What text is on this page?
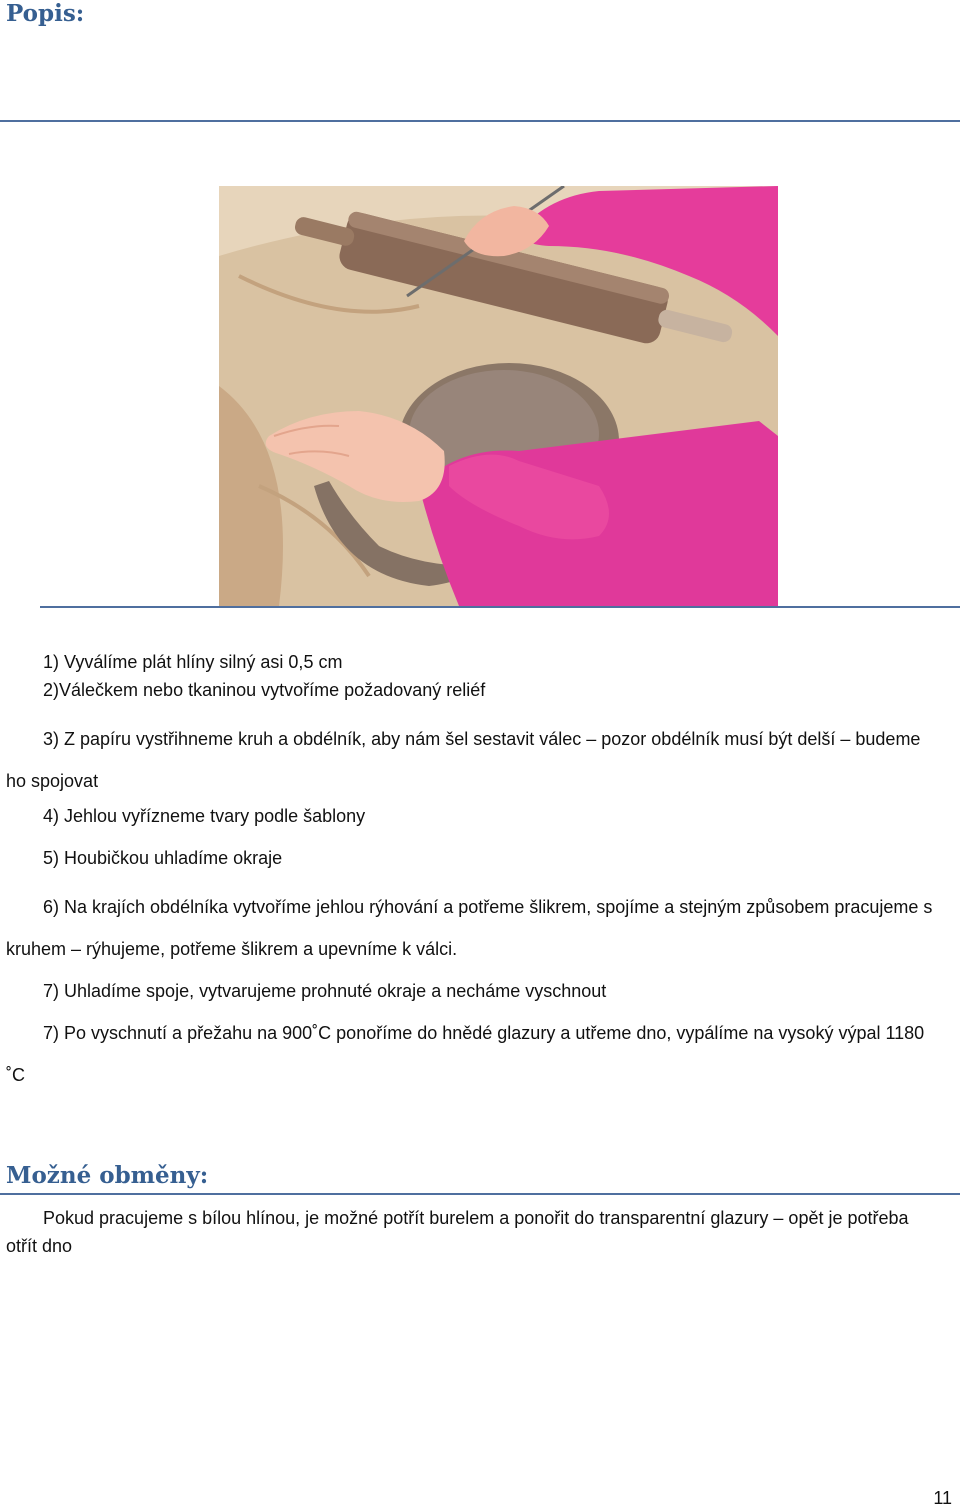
Popis:

1) Vyválíme plát hlíny silný asi 0,5 cm

2)Válečkem nebo tkaninou vytvoříme požadovaný reliéf

3) Z papíru vystřihneme kruh a obdélník, aby nám šel sestavit válec – pozor obdélník musí být delší – budeme ho spojovat

4) Jehlou vyřízneme tvary podle šablony

5) Houbičkou uhladíme okraje

6) Na krajích obdélníka vytvoříme jehlou rýhování a potřeme šlikrem, spojíme a stejným způsobem pracujeme s kruhem – rýhujeme, potřeme šlikrem a upevníme k válci.

7) Uhladíme spoje, vytvarujeme prohnuté okraje a necháme vyschnout

7) Po vyschnutí a přežahu na 900˚C ponoříme do hnědé glazury a utřeme dno, vypálíme na vysoký výpal 1180 ˚C

Možné obměny:

Pokud pracujeme s bílou hlínou, je možné potřít burelem a ponořit do transparentní glazury – opět je potřeba otřít dno

11
